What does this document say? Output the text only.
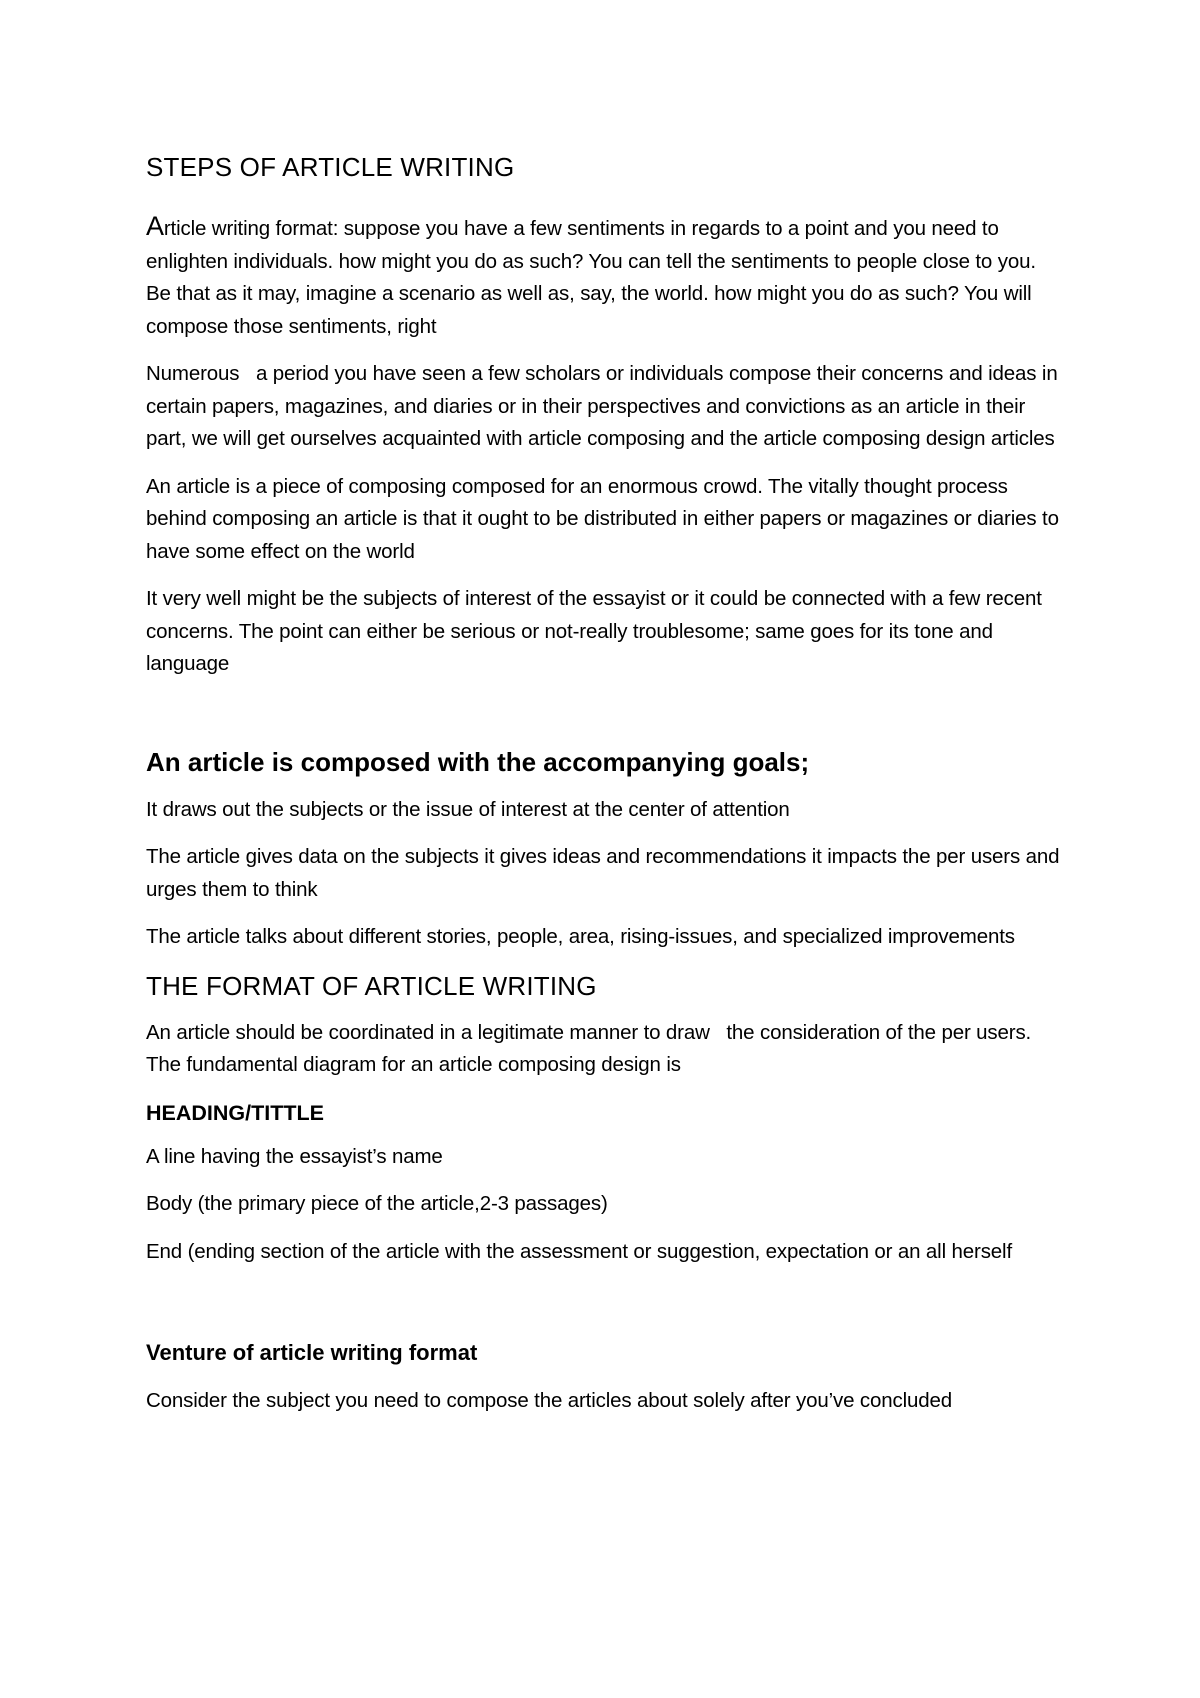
STEPS OF ARTICLE WRITING

Article writing format: suppose you have a few sentiments in regards to a point and you need to enlighten individuals. how might you do as such? You can tell the sentiments to people close to you. Be that as it may, imagine a scenario as well as, say, the world. how might you do as such? You will compose those sentiments, right

Numerous   a period you have seen a few scholars or individuals compose their concerns and ideas in certain papers, magazines, and diaries or in their perspectives and convictions as an article in their part, we will get ourselves acquainted with article composing and the article composing design articles

An article is a piece of composing composed for an enormous crowd. The vitally thought process behind composing an article is that it ought to be distributed in either papers or magazines or diaries to have some effect on the world

It very well might be the subjects of interest of the essayist or it could be connected with a few recent concerns. The point can either be serious or not-really troublesome; same goes for its tone and language

An article is composed with the accompanying goals;

It draws out the subjects or the issue of interest at the center of attention

The article gives data on the subjects it gives ideas and recommendations it impacts the per users and urges them to think

The article talks about different stories, people, area, rising-issues, and specialized improvements

THE FORMAT OF ARTICLE WRITING

An article should be coordinated in a legitimate manner to draw   the consideration of the per users. The fundamental diagram for an article composing design is

HEADING/TITTLE

A line having the essayist’s name

Body (the primary piece of the article,2-3 passages)

End (ending section of the article with the assessment or suggestion, expectation or an all herself

Venture of article writing format

Consider the subject you need to compose the articles about solely after you’ve concluded
